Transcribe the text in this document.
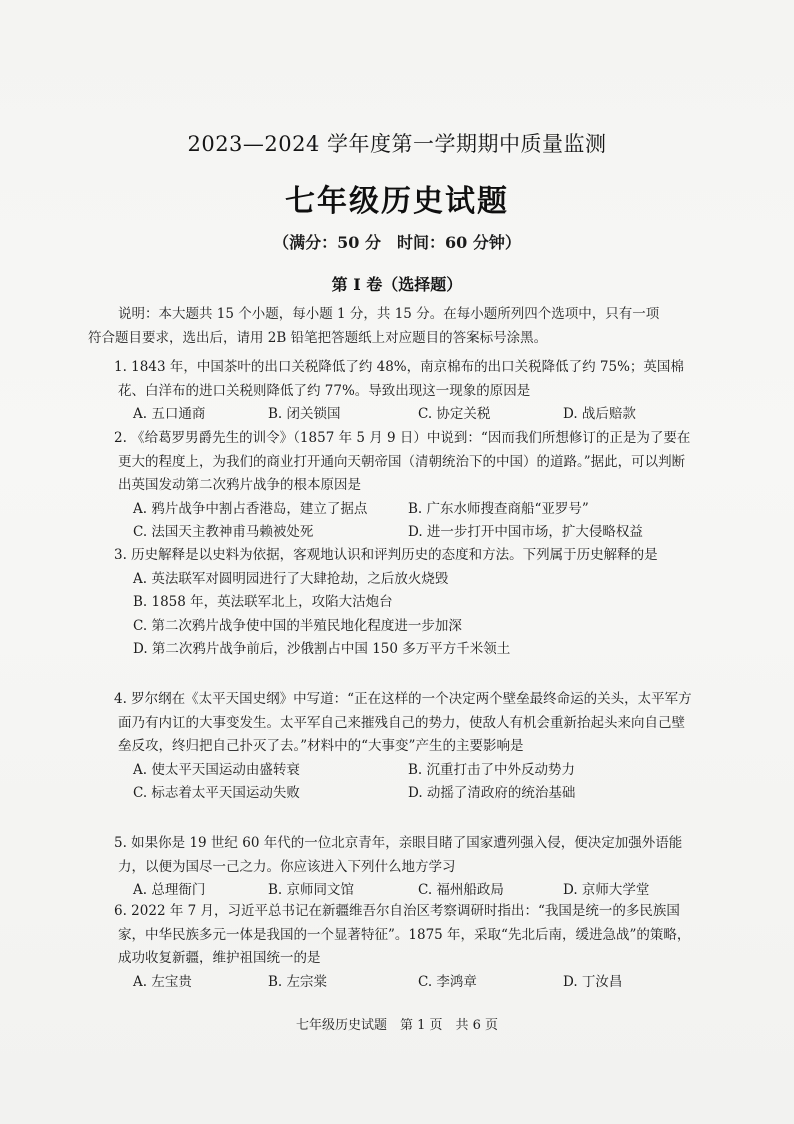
2023—2024 学年度第一学期期中质量监测
七年级历史试题
（满分：50 分　时间：60 分钟）
第 I 卷（选择题）
说明：本大题共 15 个小题，每小题 1 分，共 15 分。在每小题所列四个选项中，只有一项符合题目要求，选出后，请用 2B 铅笔把答题纸上对应题目的答案标号涂黑。
1. 1843 年，中国茶叶的出口关税降低了约 48%，南京棉布的出口关税降低了约 75%；英国棉花、白洋布的进口关税则降低了约 77%。导致出现这一现象的原因是
A. 五口通商	B. 闭关锁国	C. 协定关税	D. 战后赔款
2. 《给葛罗男爵先生的训令》（1857 年 5 月 9 日）中说到：“因而我们所想修订的正是为了要在更大的程度上，为我们的商业打开通向天朝帝国（清朝统治下的中国）的道路。”据此，可以判断出英国发动第二次鸦片战争的根本原因是
A. 鸦片战争中割占香港岛，建立了据点	B. 广东水师搜查商船“亚罗号”
C. 法国天主教神甫马赖被处死	D. 进一步打开中国市场，扩大侵略权益
3. 历史解释是以史料为依据，客观地认识和评判历史的态度和方法。下列属于历史解释的是
A. 英法联军对圆明园进行了大肆抢劫，之后放火烧毁
B. 1858 年，英法联军北上，攻陷大沽炮台
C. 第二次鸦片战争使中国的半殖民地化程度进一步加深
D. 第二次鸦片战争前后，沙俄割占中国 150 多万平方千米领土
4. 罗尔纲在《太平天国史纲》中写道：“正在这样的一个决定两个壁垒最终命运的关头，太平军方面乃有内讧的大事变发生。太平军自己来摧残自己的势力，使敌人有机会重新抬起头来向自己壁垒反攻，终归把自己扑灭了去。”材料中的“大事变”产生的主要影响是
A. 使太平天国运动由盛转衰	B. 沉重打击了中外反动势力
C. 标志着太平天国运动失败	D. 动摇了清政府的统治基础
5. 如果你是 19 世纪 60 年代的一位北京青年，亲眼目睹了国家遭列强入侵，便决定加强外语能力，以便为国尽一己之力。你应该进入下列什么地方学习
A. 总理衙门	B. 京师同文馆	C. 福州船政局	D. 京师大学堂
6. 2022 年 7 月，习近平总书记在新疆维吾尔自治区考察调研时指出：“我国是统一的多民族国家，中华民族多元一体是我国的一个显著特征”。1875 年，采取“先北后南，缓进急战”的策略，成功收复新疆，维护祖国统一的是
A. 左宝贵	B. 左宗棠	C. 李鸿章	D. 丁汝昌
七年级历史试题　第 1 页　共 6 页
